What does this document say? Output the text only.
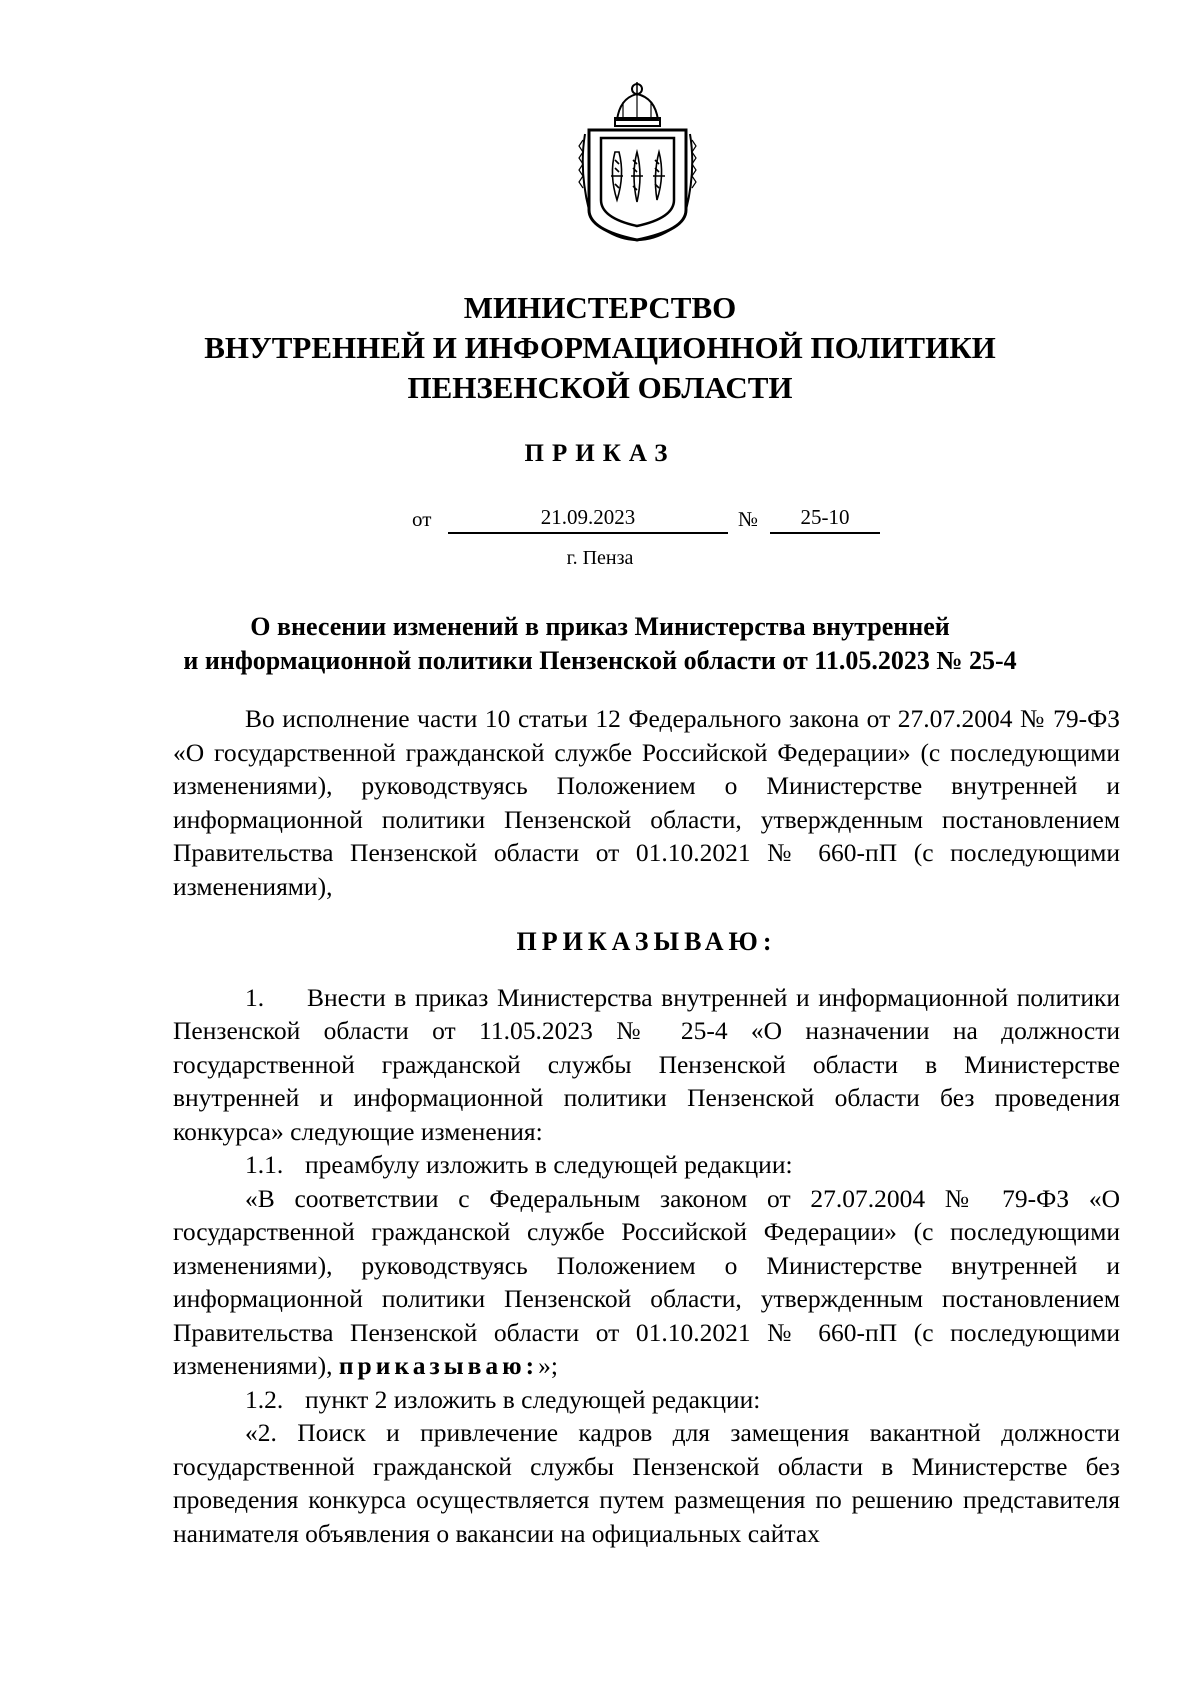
МИНИСТЕРСТВО
ВНУТРЕННЕЙ И ИНФОРМАЦИОННОЙ ПОЛИТИКИ
ПЕНЗЕНСКОЙ ОБЛАСТИ
ПРИКАЗ
от	21.09.2023	№	25-10
г. Пенза
О внесении изменений в приказ Министерства внутренней
и информационной политики Пензенской области от 11.05.2023 № 25-4

Во исполнение части 10 статьи 12 Федерального закона от 27.07.2004 № 79-ФЗ «О государственной гражданской службе Российской Федерации» (с последующими изменениями), руководствуясь Положением о Министерстве внутренней и информационной политики Пензенской области, утвержденным постановлением Правительства Пензенской области от 01.10.2021 № 660-пП (с последующими изменениями),

ПРИКАЗЫВАЮ:

1. Внести в приказ Министерства внутренней и информационной политики Пензенской области от 11.05.2023 № 25-4 «О назначении на должности государственной гражданской службы Пензенской области в Министерстве внутренней и информационной политики Пензенской области без проведения конкурса» следующие изменения:

1.1. преамбулу изложить в следующей редакции:

«В соответствии с Федеральным законом от 27.07.2004 № 79-ФЗ «О государственной гражданской службе Российской Федерации» (с последующими изменениями), руководствуясь Положением о Министерстве внутренней и информационной политики Пензенской области, утвержденным постановлением Правительства Пензенской области от 01.10.2021 № 660-пП (с последующими изменениями), приказываю:»;

1.2. пункт 2 изложить в следующей редакции:

«2. Поиск и привлечение кадров для замещения вакантной должности государственной гражданской службы Пензенской области в Министерстве без проведения конкурса осуществляется путем размещения по решению представителя нанимателя объявления о вакансии на официальных сайтах
